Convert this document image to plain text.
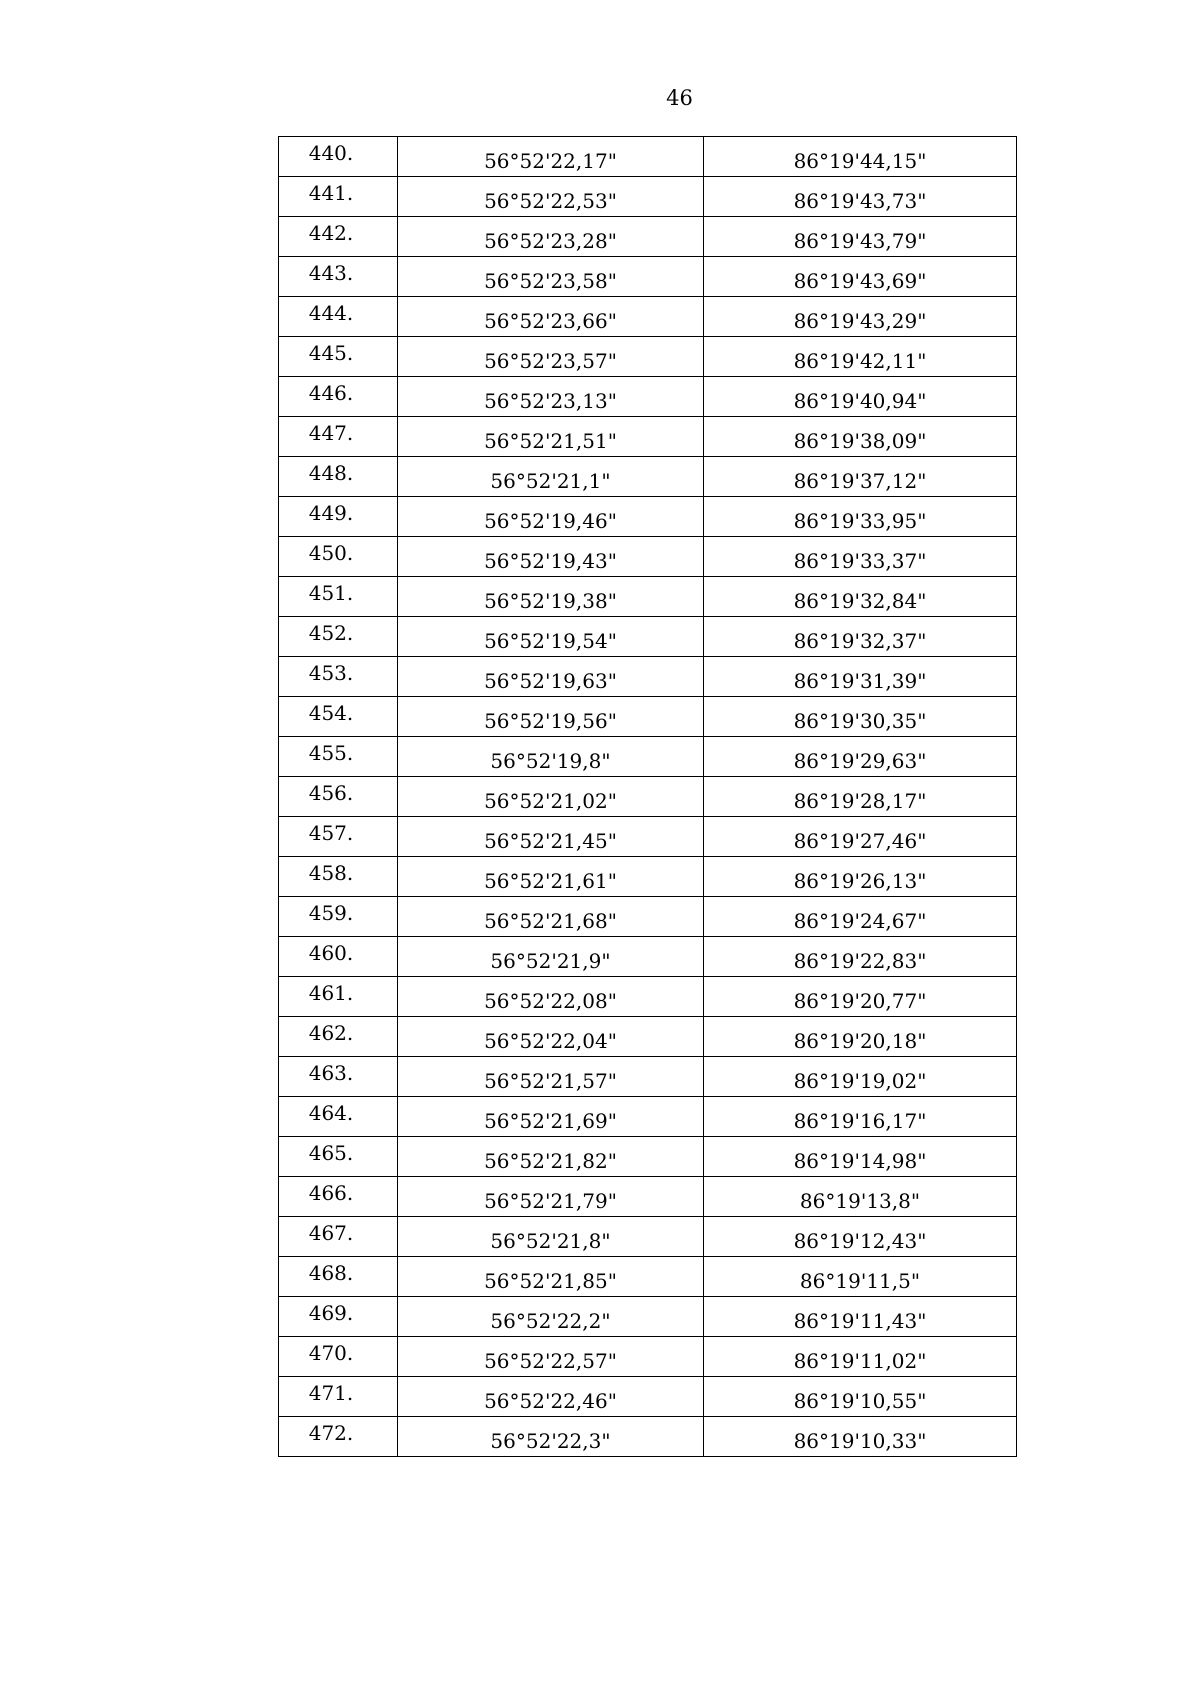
46
440.	56°52'22,17"	86°19'44,15"
441.	56°52'22,53"	86°19'43,73"
442.	56°52'23,28"	86°19'43,79"
443.	56°52'23,58"	86°19'43,69"
444.	56°52'23,66"	86°19'43,29"
445.	56°52'23,57"	86°19'42,11"
446.	56°52'23,13"	86°19'40,94"
447.	56°52'21,51"	86°19'38,09"
448.	56°52'21,1"	86°19'37,12"
449.	56°52'19,46"	86°19'33,95"
450.	56°52'19,43"	86°19'33,37"
451.	56°52'19,38"	86°19'32,84"
452.	56°52'19,54"	86°19'32,37"
453.	56°52'19,63"	86°19'31,39"
454.	56°52'19,56"	86°19'30,35"
455.	56°52'19,8"	86°19'29,63"
456.	56°52'21,02"	86°19'28,17"
457.	56°52'21,45"	86°19'27,46"
458.	56°52'21,61"	86°19'26,13"
459.	56°52'21,68"	86°19'24,67"
460.	56°52'21,9"	86°19'22,83"
461.	56°52'22,08"	86°19'20,77"
462.	56°52'22,04"	86°19'20,18"
463.	56°52'21,57"	86°19'19,02"
464.	56°52'21,69"	86°19'16,17"
465.	56°52'21,82"	86°19'14,98"
466.	56°52'21,79"	86°19'13,8"
467.	56°52'21,8"	86°19'12,43"
468.	56°52'21,85"	86°19'11,5"
469.	56°52'22,2"	86°19'11,43"
470.	56°52'22,57"	86°19'11,02"
471.	56°52'22,46"	86°19'10,55"
472.	56°52'22,3"	86°19'10,33"
